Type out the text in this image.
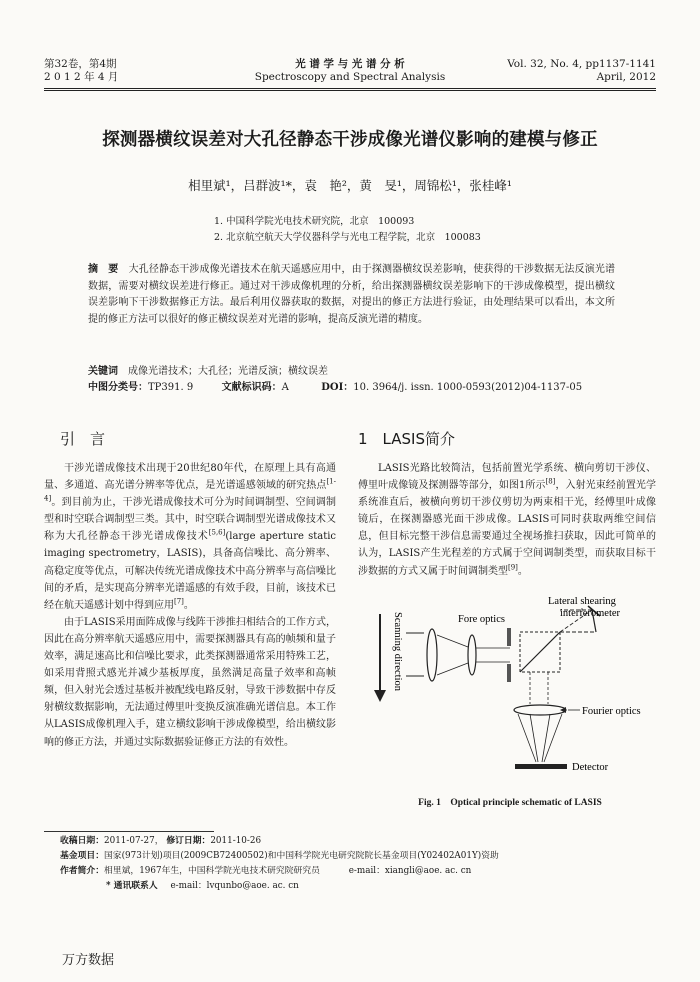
第32卷，第4期
2 0 1 2 年 4 月
光 谱 学 与 光 谱 分 析
Spectroscopy and Spectral Analysis
Vol. 32, No. 4, pp1137-1141
April, 2012
探测器横纹误差对大孔径静态干涉成像光谱仪影响的建模与修正
相里斌¹，吕群波¹*，袁　艳²，黄　旻¹，周锦松¹，张桂峰¹
1. 中国科学院光电技术研究院，北京　100093
2. 北京航空航天大学仪器科学与光电工程学院，北京　100083
摘　要　 大孔径静态干涉成像光谱技术在航天遥感应用中，由于探测器横纹误差影响，使获得的干涉数据无法反演光谱数据，需要对横纹误差进行修正。通过对干涉成像机理的分析，给出探测器横纹误差影响下的干涉成像模型，提出横纹误差影响下干涉数据修正方法。最后利用仪器获取的数据，对提出的修正方法进行验证，由处理结果可以看出，本文所提的修正方法可以很好的修正横纹误差对光谱的影响，提高反演光谱的精度。
关键词　 成像光谱技术；大孔径；光谱反演；横纹误差
中图分类号：TP391. 9	文献标识码：A	DOI：10. 3964/j. issn. 1000-0593(2012)04-1137-05
引　言

干涉光谱成像技术出现于20世纪80年代，在原理上具有高通量、多通道、高光谱分辨率等优点，是光谱遥感领域的研究热点[1-4]。到目前为止，干涉光谱成像技术可分为时间调制型、空间调制型和时空联合调制型三类。其中，时空联合调制型光谱成像技术又称为大孔径静态干涉光谱成像技术[5,6](large aperture static imaging spectrometry，LASIS)，具备高信噪比、高分辨率、高稳定度等优点，可解决传统光谱成像技术中高分辨率与高信噪比间的矛盾，是实现高分辨率光谱遥感的有效手段，目前，该技术已经在航天遥感计划中得到应用[7]。

由于LASIS采用面阵成像与线阵干涉推扫相结合的工作方式，因此在高分辨率航天遥感应用中，需要探测器具有高的帧频和量子效率，满足速高比和信噪比要求，此类探测器通常采用特殊工艺，如采用背照式感光并减少基板厚度，虽然满足高量子效率和高帧频，但入射光会透过基板并被配线电路反射，导致干涉数据中存反射横纹数据影响，无法通过傅里叶变换反演准确光谱信息。本工作从LASIS成像机理入手，建立横纹影响干涉成像模型，给出横纹影响的修正方法，并通过实际数据验证修正方法的有效性。

1　LASIS简介

LASIS光路比较简洁，包括前置光学系统、横向剪切干涉仪、傅里叶成像镜及探测器等部分，如图1所示[8]，入射光束经前置光学系统准直后，被横向剪切干涉仪剪切为两束相干光，经傅里叶成像镜后，在探测器感光面干涉成像。LASIS可同时获取两维空间信息，但目标完整干涉信息需要通过全视场推扫获取，因此可简单的认为，LASIS产生光程差的方式属于空间调制类型，而获取目标干涉数据的方式又属于时间调制类型[9]。

Scanning direction	Fore optics
Lateral shearing
interferometer
Fourier optics
Detector
Fig. 1　Optical principle schematic of LASIS
收稿日期：2011-07-27， 修订日期：2011-10-26
基金项目：国家(973计划)项目(2009CB72400502)和中国科学院光电研究院院长基金项目(Y02402A01Y)资助
作者简介：相里斌，1967年生，中国科学院光电技术研究院研究员	e-mail：xiangli@aoe. ac. cn
* 通讯联系人 e-mail：lvqunbo@aoe. ac. cn
万方数据
